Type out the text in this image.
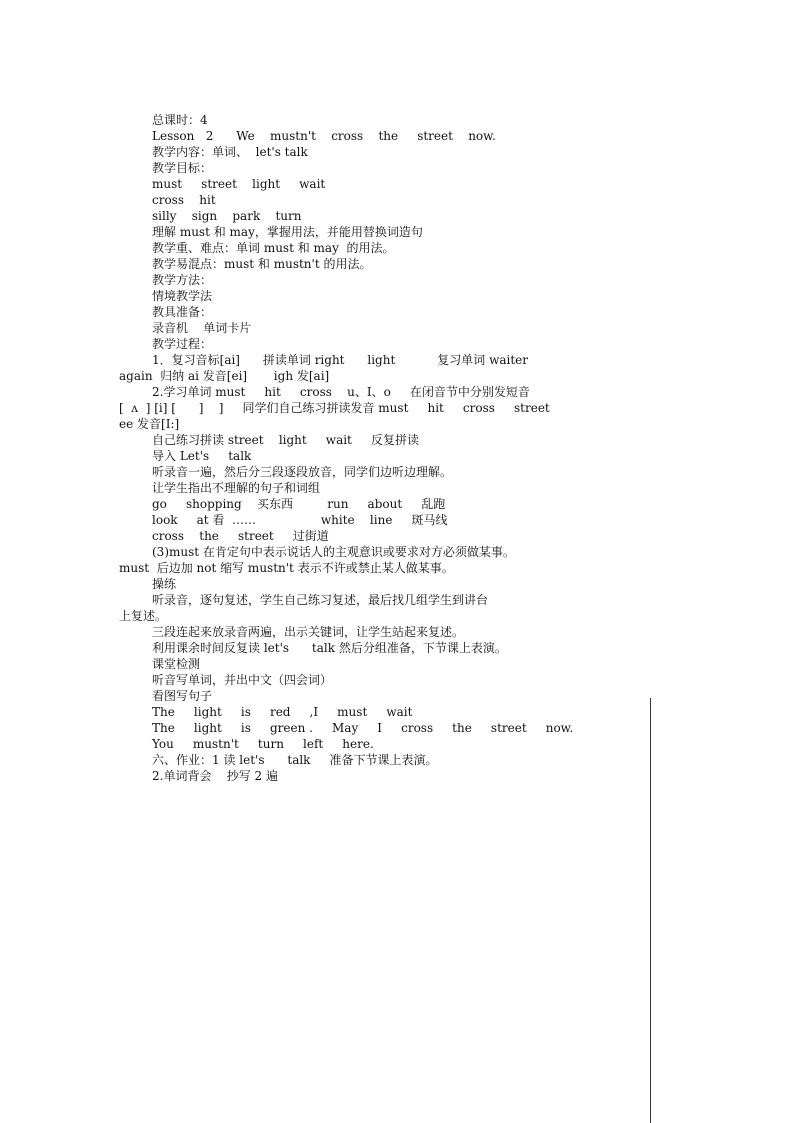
总课时：4
Lesson   2      We    mustn't    cross    the     street    now.
教学内容：单词、  let's talk
教学目标：
must     street    light     wait
cross    hit
silly    sign    park    turn
理解 must 和 may，掌握用法，并能用替换词造句
教学重、难点：单词 must 和 may  的用法。
教学易混点：must 和 mustn't 的用法。
教学方法：
情境教学法
教具准备：
录音机    单词卡片
教学过程：
1．复习音标[ai]      拼读单词 right      light           复习单词 waiter
again  归纳 ai 发音[ei]       igh 发[ai]
2.学习单词 must     hit     cross    u、I、o     在闭音节中分别发短音
[  ʌ  ] [i] [      ]    ]     同学们自己练习拼读发音 must     hit     cross     street
ee 发音[I:]
自己练习拼读 street    light     wait     反复拼读
导入 Let's     talk
听录音一遍，然后分三段逐段放音，同学们边听边理解。
让学生指出不理解的句子和词组
go     shopping    买东西         run     about     乱跑
look     at 看  ……                 white    line     斑马线
cross    the     street     过街道
(3)must 在肯定句中表示说话人的主观意识或要求对方必须做某事。
must  后边加 not 缩写 mustn't 表示不许或禁止某人做某事。
操练
听录音，逐句复述，学生自己练习复述，最后找几组学生到讲台
上复述。
三段连起来放录音两遍，出示关键词，让学生站起来复述。
利用课余时间反复读 let's      talk 然后分组准备，下节课上表演。
课堂检测
听音写单词，并出中文（四会词）
看图写句子
The     light     is     red     ,I     must     wait
The     light     is     green .     May     I     cross     the     street     now.
You     mustn't     turn     left     here.
六、作业：1 读 let's      talk     准备下节课上表演。
2.单词背会    抄写 2 遍
